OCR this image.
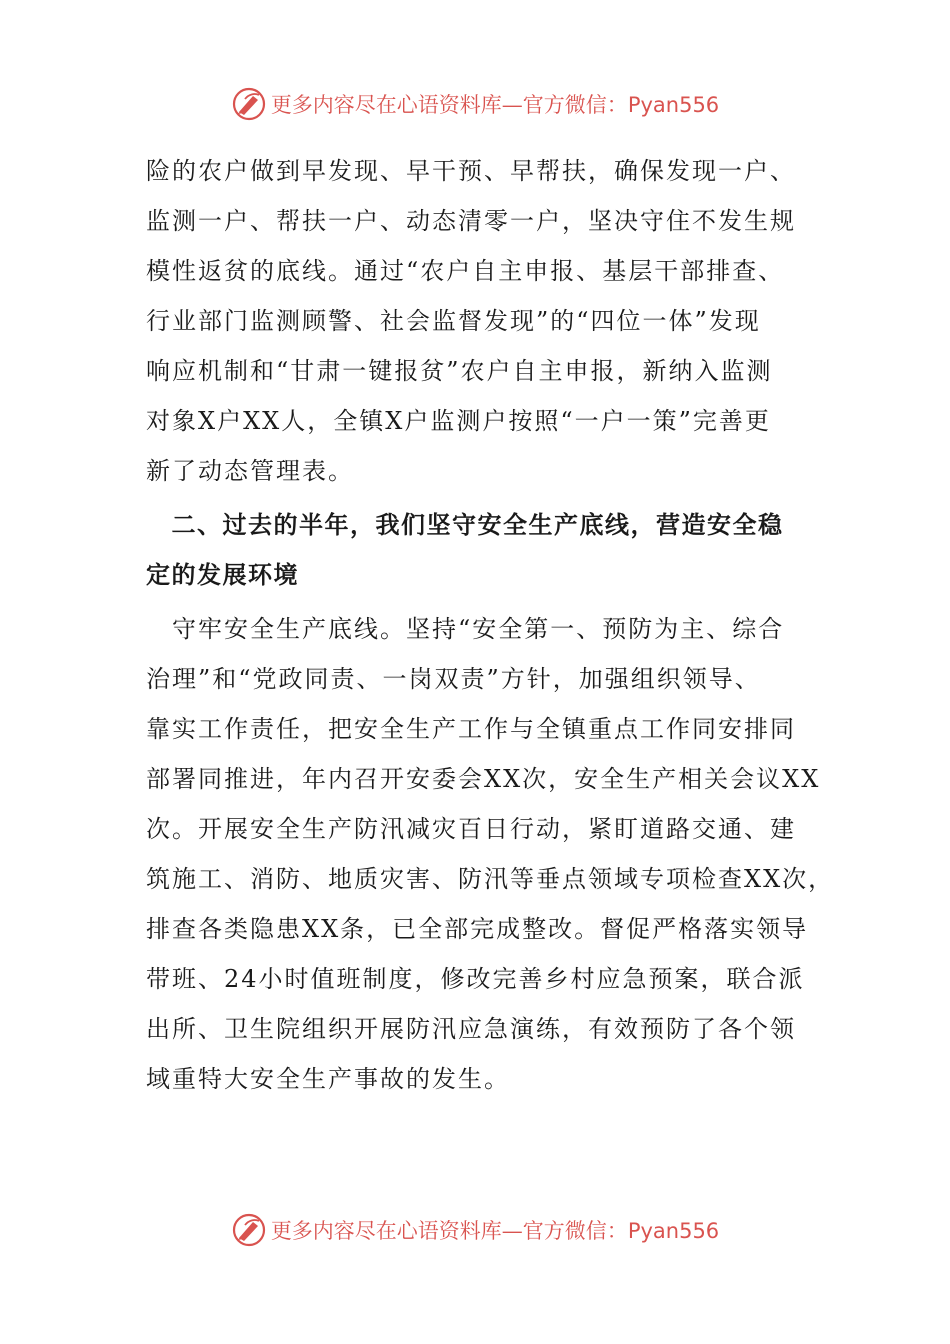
更多内容尽在心语资料库—官方微信：Pyan556
险的农户做到早发现、早干预、早帮扶，确保发现一户、
监测一户、帮扶一户、动态清零一户，坚决守住不发生规
模性返贫的底线。通过“农户自主申报、基层干部排查、
行业部门监测顾警、社会监督发现”的“四位一体”发现
响应机制和“甘肃一键报贫”农户自主申报，新纳入监测
对象X户XX人，全镇X户监测户按照“一户一策”完善更
新了动态管理表。
　二、过去的半年，我们坚守安全生产底线，营造安全稳
定的发展环境
　守牢安全生产底线。坚持“安全第一、预防为主、综合
治理”和“党政同责、一岗双责”方针，加强组织领导、
靠实工作责任，把安全生产工作与全镇重点工作同安排同
部署同推进，年内召开安委会XX次，安全生产相关会议XX
次。开展安全生产防汛减灾百日行动，紧盯道路交通、建
筑施工、消防、地质灾害、防汛等垂点领域专项检查XX次，
排查各类隐患XX条，已全部完成整改。督促严格落实领导
带班、24小时值班制度，修改完善乡村应急预案，联合派
出所、卫生院组织开展防汛应急演练，有效预防了各个领
域重特大安全生产事故的发生。
更多内容尽在心语资料库—官方微信：Pyan556
